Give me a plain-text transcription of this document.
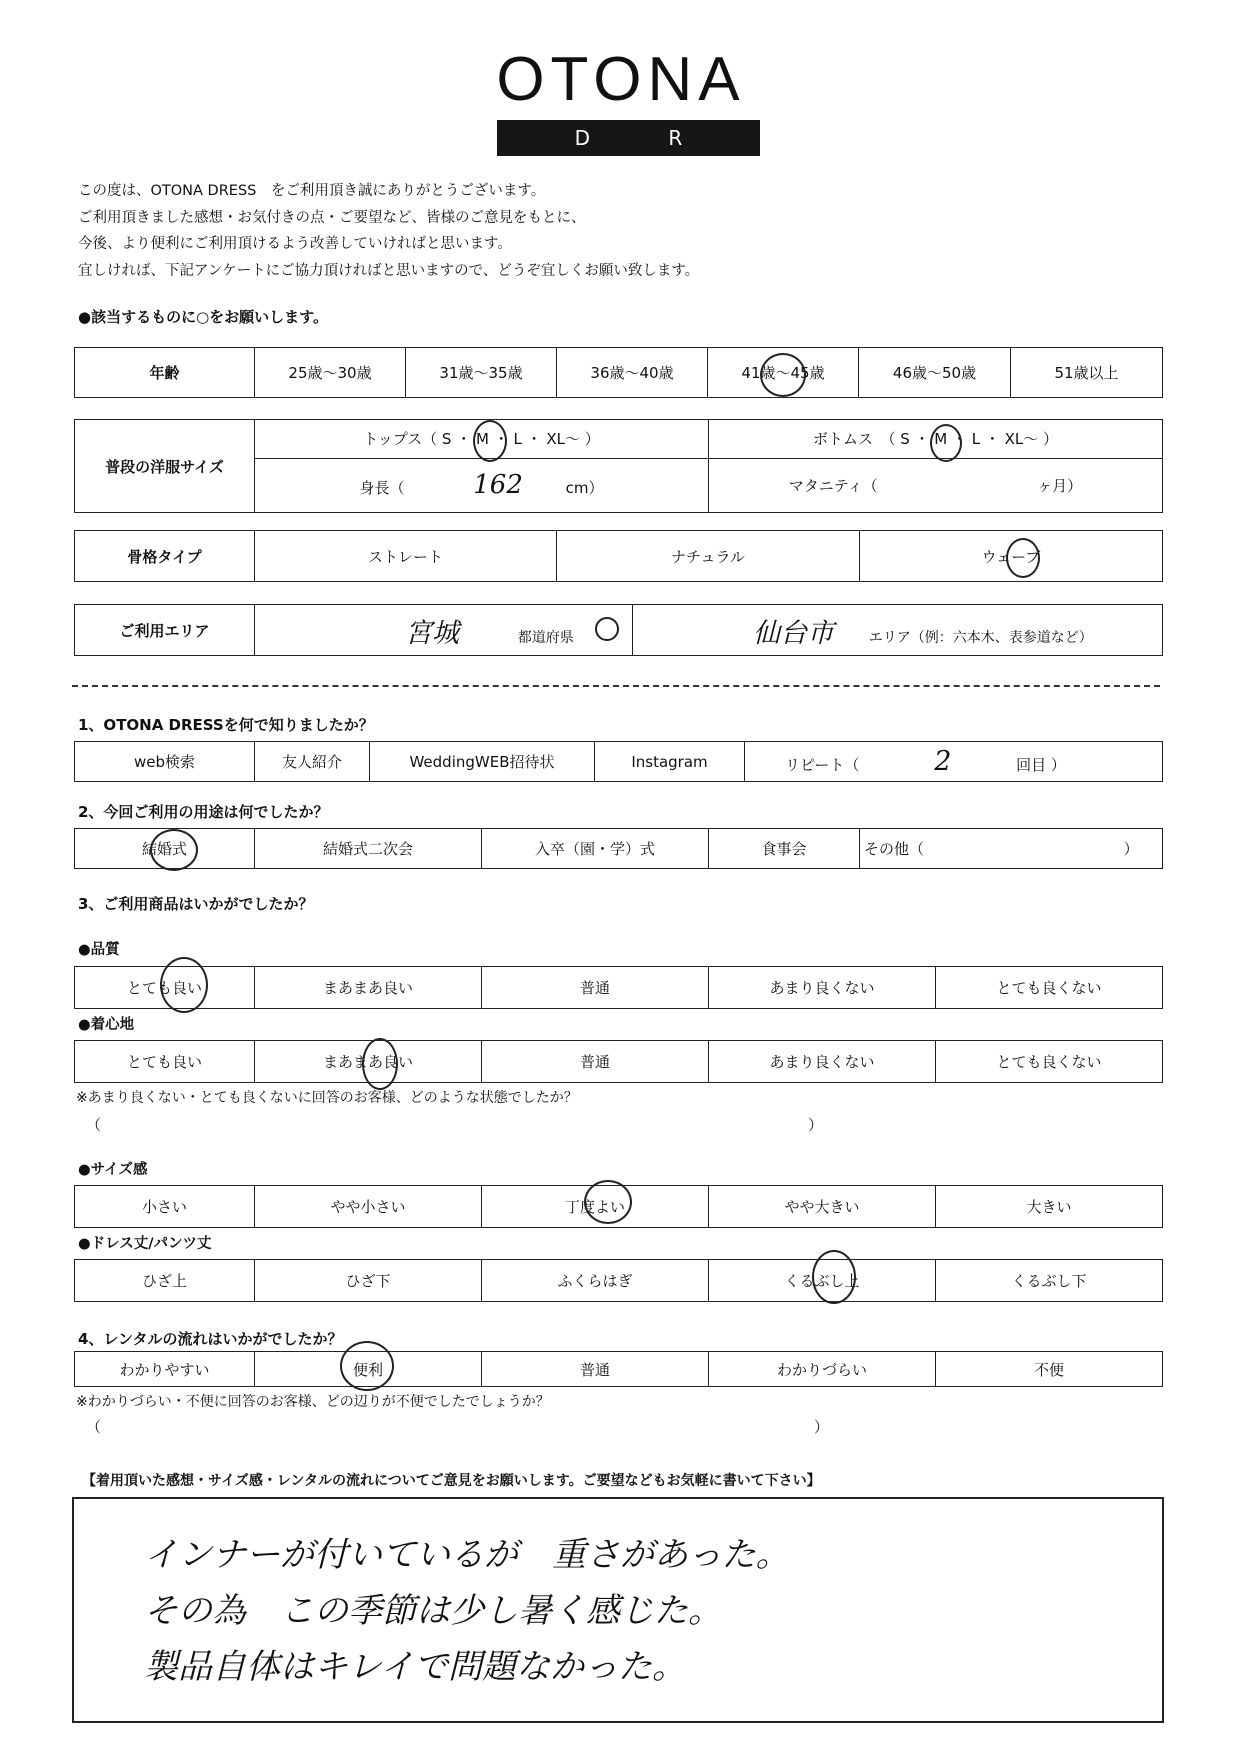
OTONA
D R E S S
この度は、OTONA DRESS　をご利用頂き誠にありがとうございます。
ご利用頂きました感想・お気付きの点・ご要望など、皆様のご意見をもとに、
今後、より便利にご利用頂けるよう改善していければと思います。
宜しければ、下記アンケートにご協力頂ければと思いますので、どうぞ宜しくお願い致します。
●該当するものに○をお願いします。
年齢	25歳～30歳	31歳～35歳	36歳～40歳	41歳～45歳	46歳～50歳	51歳以上
普段の洋服サイズ	トップス（ S ・ M ・ L ・ XL～ ）	ボトムス　（ S ・ M ・ L ・ XL～ ）
	身長（ 162 cm）	マタニティ（ ヶ月）
骨格タイプ	ストレート	ナチュラル	ウェーブ
ご利用エリア	宮城	都道府県	仙台市 エリア（例：六本木、表参道など）
1、OTONA DRESSを何で知りましたか？
web検索	友人紹介	WeddingWEB招待状	Instagram	リピート（	2	回目 ）
2、今回ご利用の用途は何でしたか？
結婚式	結婚式二次会	入卒（園・学）式	食事会	その他（	）
3、ご利用商品はいかがでしたか？
●品質
とても良い	まあまあ良い	普通	あまり良くない	とても良くない
●着心地
とても良い	まあまあ良い	普通	あまり良くない	とても良くない
※あまり良くない・とても良くないに回答のお客様、どのような状態でしたか？
（	）
●サイズ感
小さい	やや小さい	丁度よい	やや大きい	大きい
●ドレス丈/パンツ丈
ひざ上	ひざ下	ふくらはぎ	くるぶし上	くるぶし下
4、レンタルの流れはいかがでしたか？
わかりやすい	便利	普通	わかりづらい	不便
※わかりづらい・不便に回答のお客様、どの辺りが不便でしたでしょうか？
（	）
【着用頂いた感想・サイズ感・レンタルの流れについてご意見をお願いします。ご要望などもお気軽に書いて下さい】
インナーが付いているが　重さがあった。
その為　この季節は少し暑く感じた。
製品自体はキレイで問題なかった。
